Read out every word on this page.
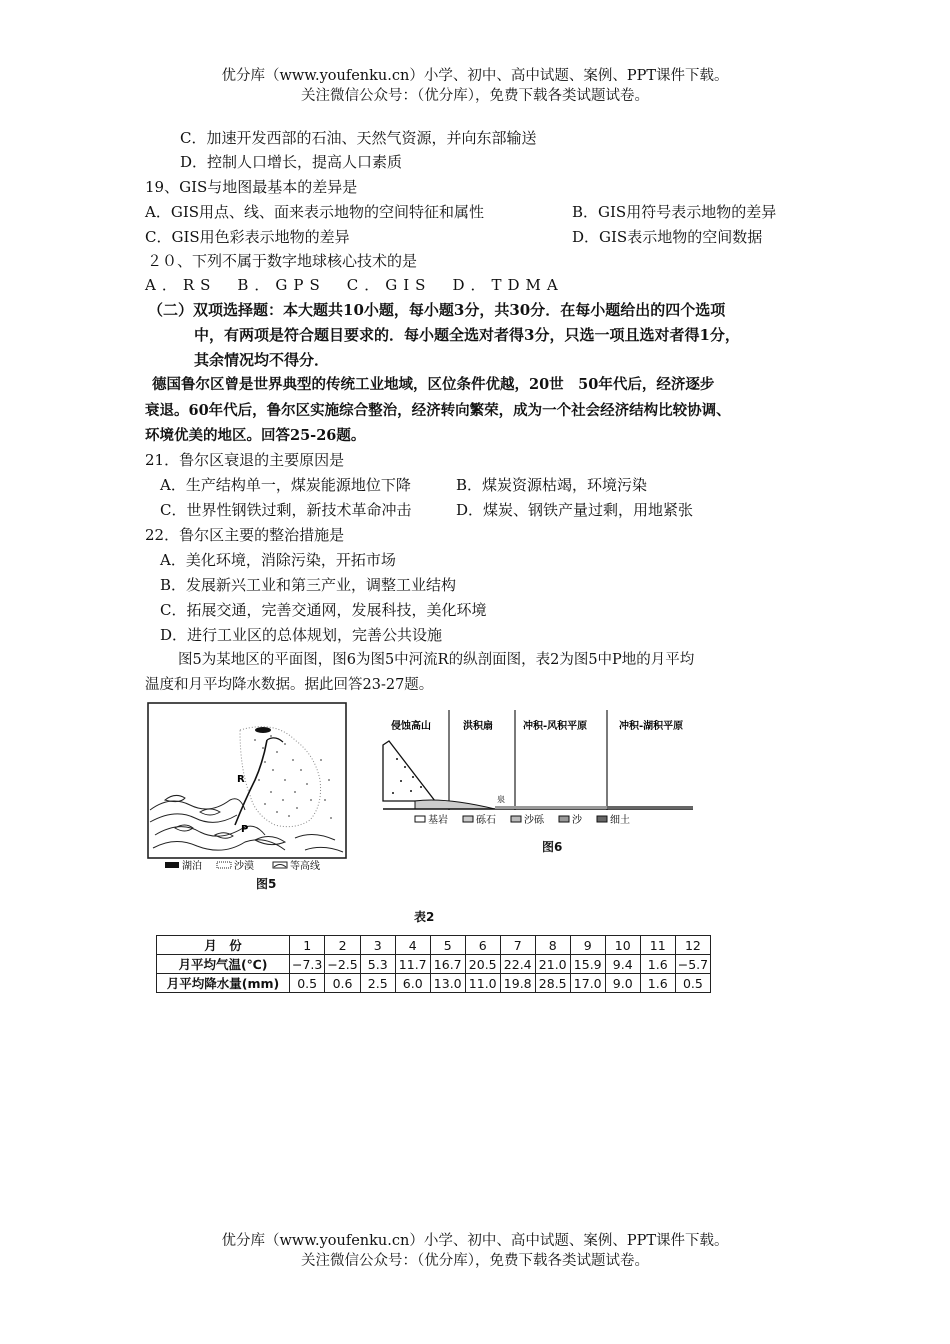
优分库（www.youfenku.cn）小学、初中、高中试题、案例、PPT课件下载。
关注微信公众号：（优分库），免费下载各类试题试卷。
C．加速开发西部的石油、天然气资源，并向东部输送
D．控制人口增长，提高人口素质
19、GIS与地图最基本的差异是
A．GIS用点、线、面来表示地物的空间特征和属性	B．GIS用符号表示地物的差异
C．GIS用色彩表示地物的差异	D．GIS表示地物的空间数据
２０、下列不属于数字地球核心技术的是
A．RS　B．GPS　C．GIS　D．TDMA
（二）双项选择题：本大题共10小题，每小题3分，共30分．在每小题给出的四个选项
中，有两项是符合题目要求的．每小题全选对者得3分，只选一项且选对者得1分，
其余情况均不得分．
德国鲁尔区曾是世界典型的传统工业地域，区位条件优越，20世　50年代后，经济逐步
衰退。60年代后，鲁尔区实施综合整治，经济转向繁荣，成为一个社会经济结构比较协调、
环境优美的地区。回答25-26题。
21．鲁尔区衰退的主要原因是
A．生产结构单一，煤炭能源地位下降	B．煤炭资源枯竭，环境污染
C．世界性钢铁过剩，新技术革命冲击	D．煤炭、钢铁产量过剩，用地紧张
22．鲁尔区主要的整治措施是
A．美化环境，消除污染，开拓市场
B．发展新兴工业和第三产业，调整工业结构
C．拓展交通，完善交通网，发展科技，美化环境
D．进行工业区的总体规划，完善公共设施
图5为某地区的平面图，图6为图5中河流R的纵剖面图，表2为图5中P地的月平均
温度和月平均降水数据。据此回答23-27题。
R
P
湖泊	沙漠	等高线
图5
侵蚀高山	洪积扇	冲积-风积平原	冲积-湖积平原
泉
基岩	砾石	沙砾	沙	细土
图6
表2
月　份	1	2	3	4	5	6	7	8	9	10	11	12
月平均气温(℃)	−7.3	−2.5	5.3	11.7	16.7	20.5	22.4	21.0	15.9	9.4	1.6	−5.7
月平均降水量(mm)	0.5	0.6	2.5	6.0	13.0	11.0	19.8	28.5	17.0	9.0	1.6	0.5
优分库（www.youfenku.cn）小学、初中、高中试题、案例、PPT课件下载。
关注微信公众号：（优分库），免费下载各类试题试卷。
